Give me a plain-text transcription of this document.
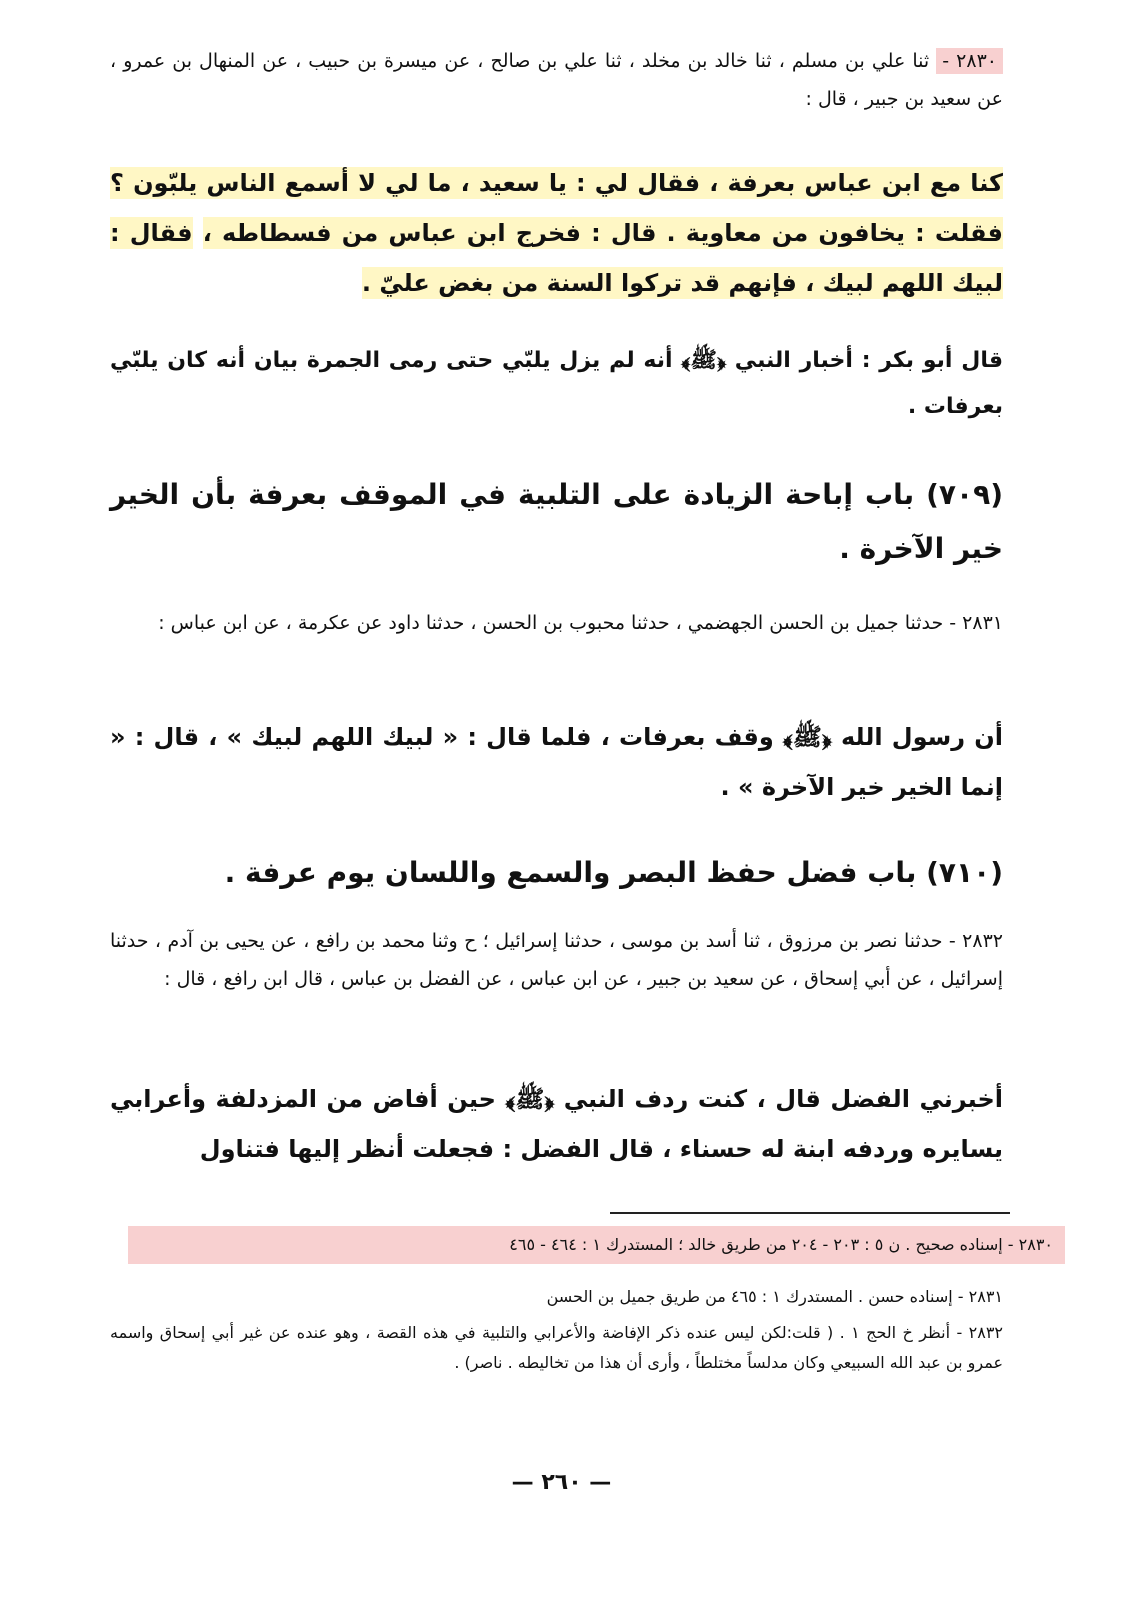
٢٨٣٠ - ثنا علي بن مسلم ، ثنا خالد بن مخلد ، ثنا علي بن صالح ، عن ميسرة بن حبيب ، عن المنهال بن عمرو ، عن سعيد بن جبير ، قال :
كنا مع ابن عباس بعرفة ، فقال لي : يا سعيد ، ما لي لا أسمع الناس يلبّون ؟ فقلت : يخافون من معاوية . قال : فخرج ابن عباس من فسطاطه ، فقال : لبيك اللهم لبيك ، فإنهم قد تركوا السنة من بغض عليّ .
قال أبو بكر : أخبار النبي ﴿ﷺ﴾ أنه لم يزل يلبّي حتى رمى الجمرة بيان أنه كان يلبّي بعرفات .
(٧٠٩) باب إباحة الزيادة على التلبية في الموقف بعرفة بأن الخير خير الآخرة .
٢٨٣١ - حدثنا جميل بن الحسن الجهضمي ، حدثنا محبوب بن الحسن ، حدثنا داود عن عكرمة ، عن ابن عباس :
أن رسول الله ﴿ﷺ﴾ وقف بعرفات ، فلما قال : « لبيك اللهم لبيك » ، قال : « إنما الخير خير الآخرة » .
(٧١٠) باب فضل حفظ البصر والسمع واللسان يوم عرفة .
٢٨٣٢ - حدثنا نصر بن مرزوق ، ثنا أسد بن موسى ، حدثنا إسرائيل ؛ ح وثنا محمد بن رافع ، عن يحيى بن آدم ، حدثنا إسرائيل ، عن أبي إسحاق ، عن سعيد بن جبير ، عن ابن عباس ، عن الفضل بن عباس ، قال ابن رافع ، قال :
أخبرني الفضل قال ، كنت ردف النبي ﴿ﷺ﴾ حين أفاض من المزدلفة وأعرابي يسايره وردفه ابنة له حسناء ، قال الفضل : فجعلت أنظر إليها فتناول
٢٨٣٠ - إسناده صحيح . ن ٥ : ٢٠٣ - ٢٠٤ من طريق خالد ؛ المستدرك ١ : ٤٦٤ - ٤٦٥
٢٨٣١ - إسناده حسن . المستدرك ١ : ٤٦٥ من طريق جميل بن الحسن
٢٨٣٢ - أنظر خ الحج ١ . ( قلت:لكن ليس عنده ذكر الإفاضة والأعرابي والتلبية في هذه القصة ، وهو عنده عن غير أبي إسحاق واسمه عمرو بن عبد الله السبيعي وكان مدلساً مختلطاً ، وأرى أن هذا من تخاليطه . ناصر) .
— ٢٦٠ —
